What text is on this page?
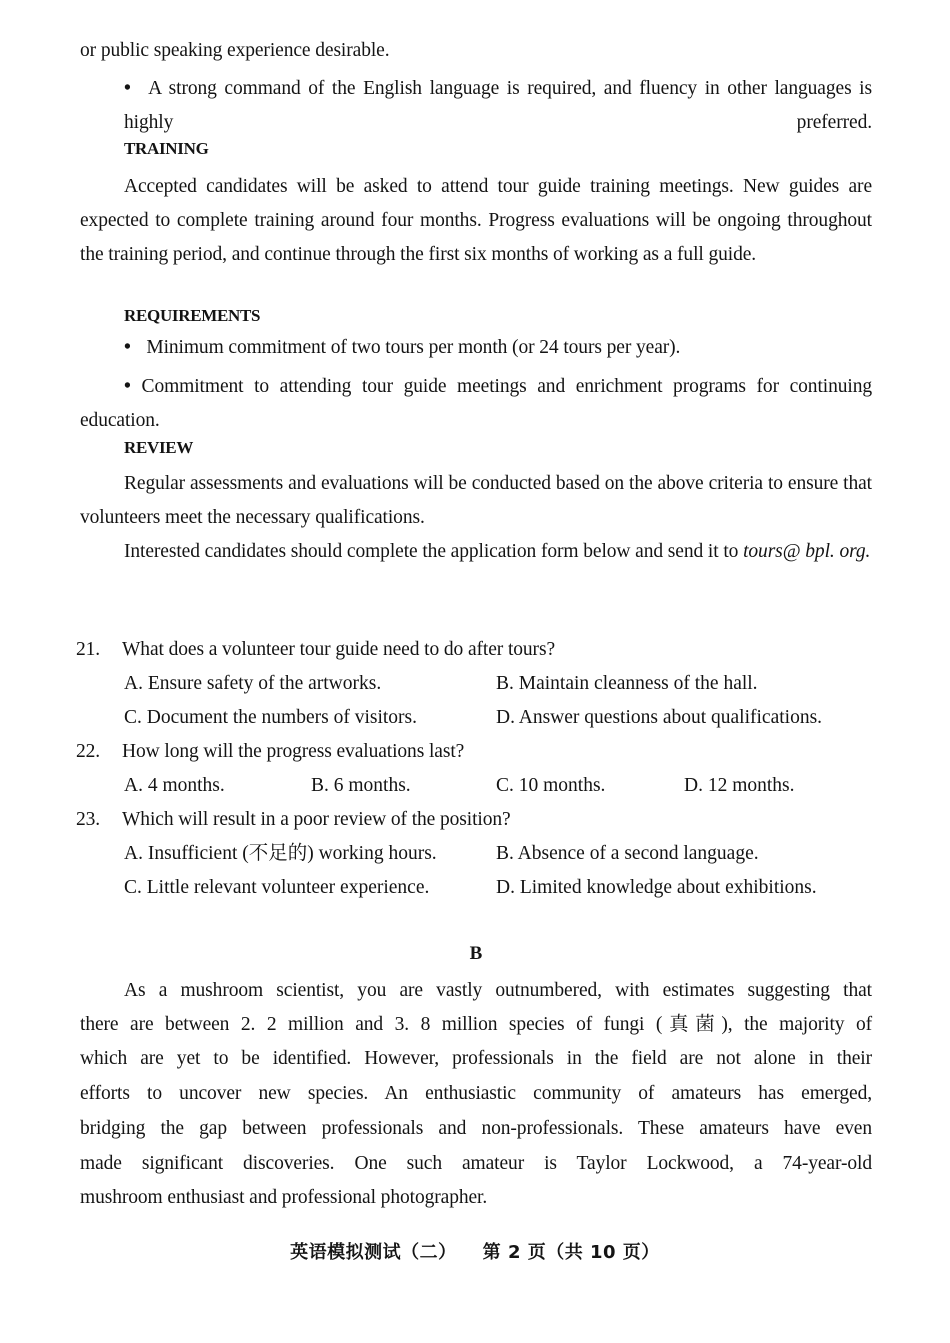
or public speaking experience desirable.
• A strong command of the English language is required, and fluency in other languages is highly preferred.
TRAINING
Accepted candidates will be asked to attend tour guide training meetings. New guides are expected to complete training around four months. Progress evaluations will be ongoing throughout the training period, and continue through the first six months of working as a full guide.
REQUIREMENTS
• Minimum commitment of two tours per month (or 24 tours per year).
• Commitment to attending tour guide meetings and enrichment programs for continuing education.
REVIEW
Regular assessments and evaluations will be conducted based on the above criteria to ensure that volunteers meet the necessary qualifications.
Interested candidates should complete the application form below and send it to tours@ bpl. org.
21. What does a volunteer tour guide need to do after tours?
A. Ensure safety of the artworks.	B. Maintain cleanness of the hall.
C. Document the numbers of visitors.	D. Answer questions about qualifications.
22. How long will the progress evaluations last?
A. 4 months.	B. 6 months.	C. 10 months.	D. 12 months.
23. Which will result in a poor review of the position?
A. Insufficient (不足的) working hours.	B. Absence of a second language.
C. Little relevant volunteer experience.	D. Limited knowledge about exhibitions.
B
As a mushroom scientist, you are vastly outnumbered, with estimates suggesting that
there are between 2. 2 million and 3. 8 million species of fungi (真菌), the majority of
which are yet to be identified. However, professionals in the field are not alone in their
efforts to uncover new species. An enthusiastic community of amateurs has emerged,
bridging the gap between professionals and non-professionals. These amateurs have even
made significant discoveries. One such amateur is Taylor Lockwood, a 74-year-old
mushroom enthusiast and professional photographer.
英语模拟测试（二） 第 2 页（共 10 页）
